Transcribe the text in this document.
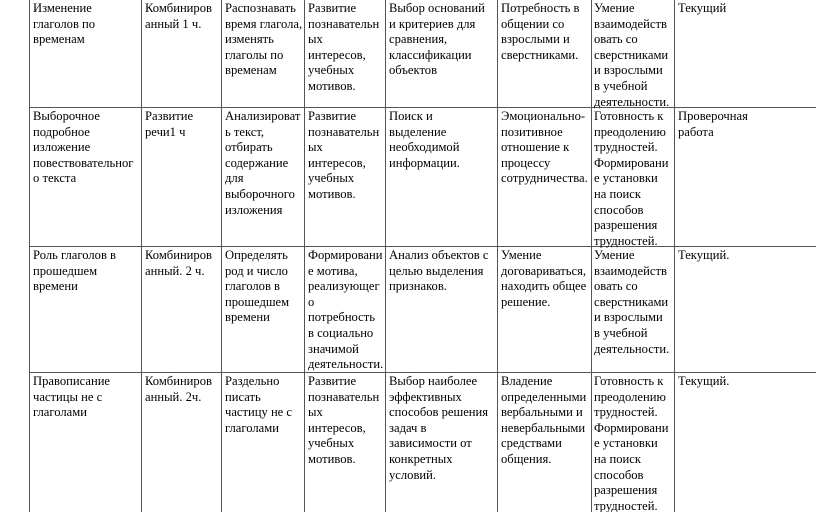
Изменение
глаголов по
временам
Комбиниров
анный 1 ч.
Распознавать
время глагола,
изменять
глаголы по
временам
Развитие
познавательн
ых
интересов,
учебных
мотивов.
Выбор оснований
и критериев для
сравнения,
классификации
объектов
Потребность в
общении со
взрослыми и
сверстниками.
Умение
взаимодейств
овать со
сверстниками
и взрослыми
в учебной
деятельности.
Текущий
Выборочное
подробное
изложение
повествовательног
о текста
Развитие
речи1 ч
Анализироват
ь текст,
отбирать
содержание
для
выборочного
изложения
Развитие
познавательн
ых
интересов,
учебных
мотивов.
Поиск и
выделение
необходимой
информации.
Эмоционально-
позитивное
отношение к
процессу
сотрудничества.
Готовность к
преодолению
трудностей.
Формировани
е установки
на поиск
способов
разрешения
трудностей.
Проверочная
работа
Роль глаголов в
прошедшем
времени
Комбиниров
анный. 2 ч.
Определять
род и число
глаголов в
прошедшем
времени
Формировани
е мотива,
реализующег
о
потребность
в социально
значимой
деятельности.
Анализ объектов с
целью выделения
признаков.
Умение
договариваться,
находить общее
решение.
Умение
взаимодейств
овать со
сверстниками
и взрослыми
в учебной
деятельности.
Текущий.
Правописание
частицы не с
глаголами
Комбиниров
анный. 2ч.
Раздельно
писать
частицу не с
глаголами
Развитие
познавательн
ых
интересов,
учебных
мотивов.
Выбор наиболее
эффективных
способов решения
задач в
зависимости от
конкретных
условий.
Владение
определенными
вербальными и
невербальными
средствами
общения.
Готовность к
преодолению
трудностей.
Формировани
е установки
на поиск
способов
разрешения
трудностей.
Текущий.
